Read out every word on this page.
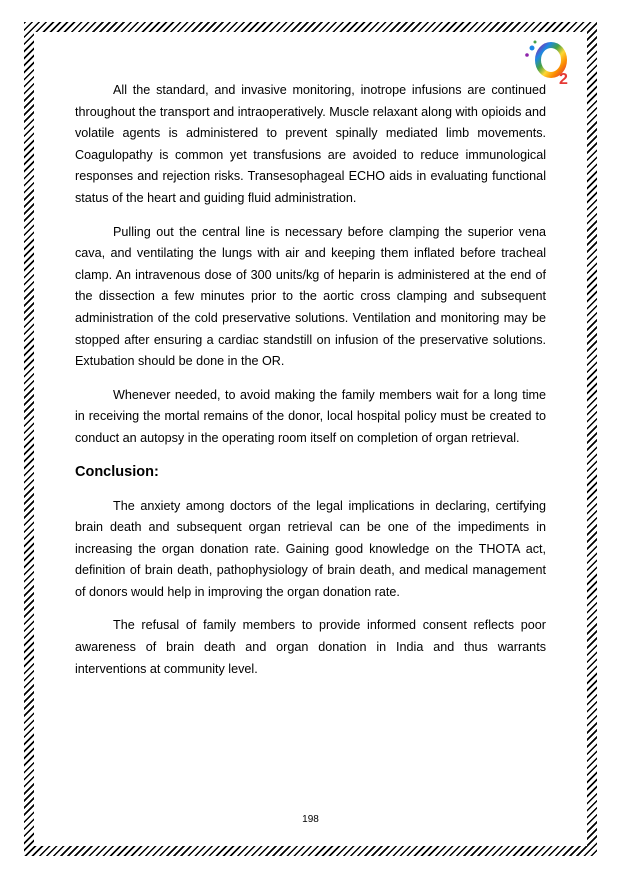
2

All the standard, and invasive monitoring, inotrope infusions are continued throughout the transport and intraoperatively. Muscle relaxant along with opioids and volatile agents is administered to prevent spinally mediated limb movements. Coagulopathy is common yet transfusions are avoided to reduce immunological responses and rejection risks. Transesophageal ECHO aids in evaluating functional status of the heart and guiding fluid administration.

Pulling out the central line is necessary before clamping the superior vena cava, and ventilating the lungs with air and keeping them inflated before tracheal clamp. An intravenous dose of 300 units/kg of heparin is administered at the end of the dissection a few minutes prior to the aortic cross clamping and subsequent administration of the cold preservative solutions. Ventilation and monitoring may be stopped after ensuring a cardiac standstill on infusion of the preservative solutions. Extubation should be done in the OR.

Whenever needed, to avoid making the family members wait for a long time in receiving the mortal remains of the donor, local hospital policy must be created to conduct an autopsy in the operating room itself on completion of organ retrieval.

Conclusion:

The anxiety among doctors of the legal implications in declaring, certifying brain death and subsequent organ retrieval can be one of the impediments in increasing the organ donation rate. Gaining good knowledge on the THOTA act, definition of brain death, pathophysiology of brain death, and medical management of donors would help in improving the organ donation rate.

The refusal of family members to provide informed consent reflects poor awareness of brain death and organ donation in India and thus warrants interventions at community level.

198
